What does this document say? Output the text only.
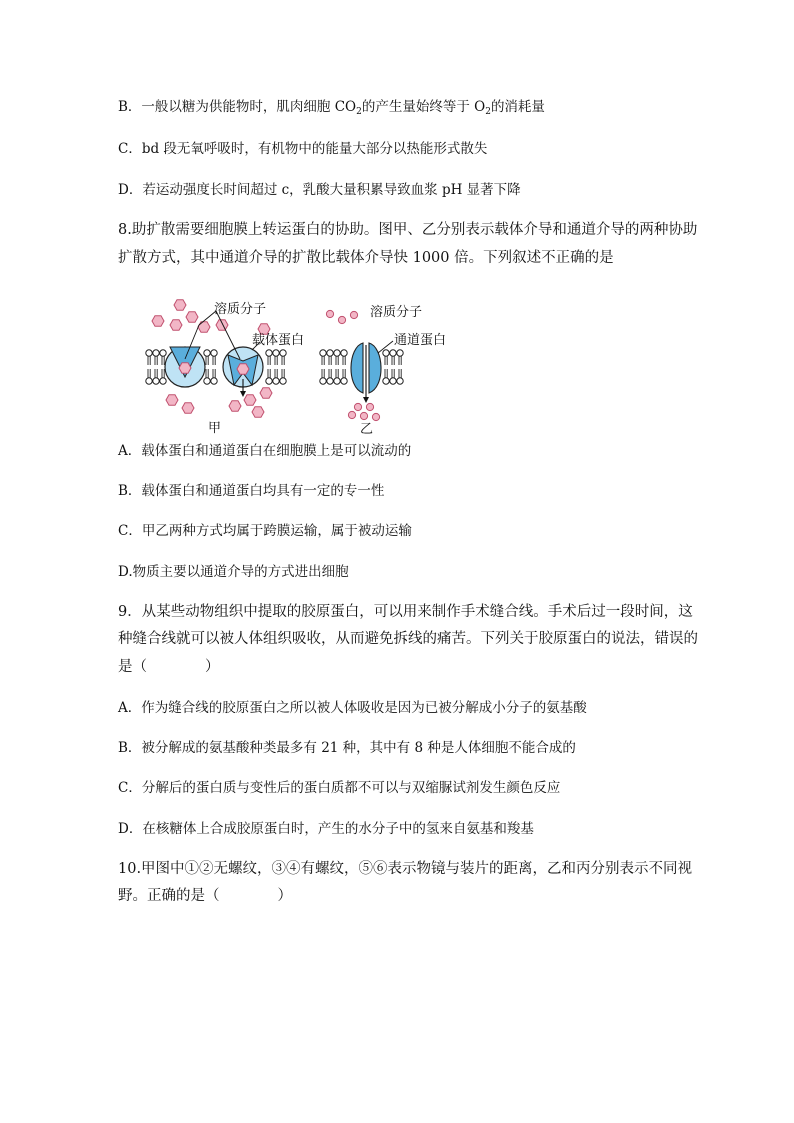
B．一般以糖为供能物时，肌肉细胞 $CO_2$的产生量始终等于 $O_2$的消耗量
C．bd 段无氧呼吸时，有机物中的能量大部分以热能形式散失
D．若运动强度长时间超过 c，乳酸大量积累导致血浆 pH 显著下降
8.助扩散需要细胞膜上转运蛋白的协助。图甲、乙分别表示载体介导和通道介导的两种协助
扩散方式，其中通道介导的扩散比载体介导快 1000 倍。下列叙述不正确的是
溶质分子
载体蛋白
甲
溶质分子
通道蛋白
乙
A．载体蛋白和通道蛋白在细胞膜上是可以流动的
B．载体蛋白和通道蛋白均具有一定的专一性
C．甲乙两种方式均属于跨膜运输，属于被动运输
D.物质主要以通道介导的方式进出细胞
9．从某些动物组织中提取的胶原蛋白，可以用来制作手术缝合线。手术后过一段时间，这
种缝合线就可以被人体组织吸收，从而避免拆线的痛苦。下列关于胶原蛋白的说法，错误的
是（　　　　）
A．作为缝合线的胶原蛋白之所以被人体吸收是因为已被分解成小分子的氨基酸
B．被分解成的氨基酸种类最多有 21 种，其中有 8 种是人体细胞不能合成的
C．分解后的蛋白质与变性后的蛋白质都不可以与双缩脲试剂发生颜色反应
D．在核糖体上合成胶原蛋白时，产生的水分子中的氢来自氨基和羧基
10.甲图中①②无螺纹，③④有螺纹，⑤⑥表示物镜与装片的距离，乙和丙分别表示不同视
野。正确的是（　　　　）
